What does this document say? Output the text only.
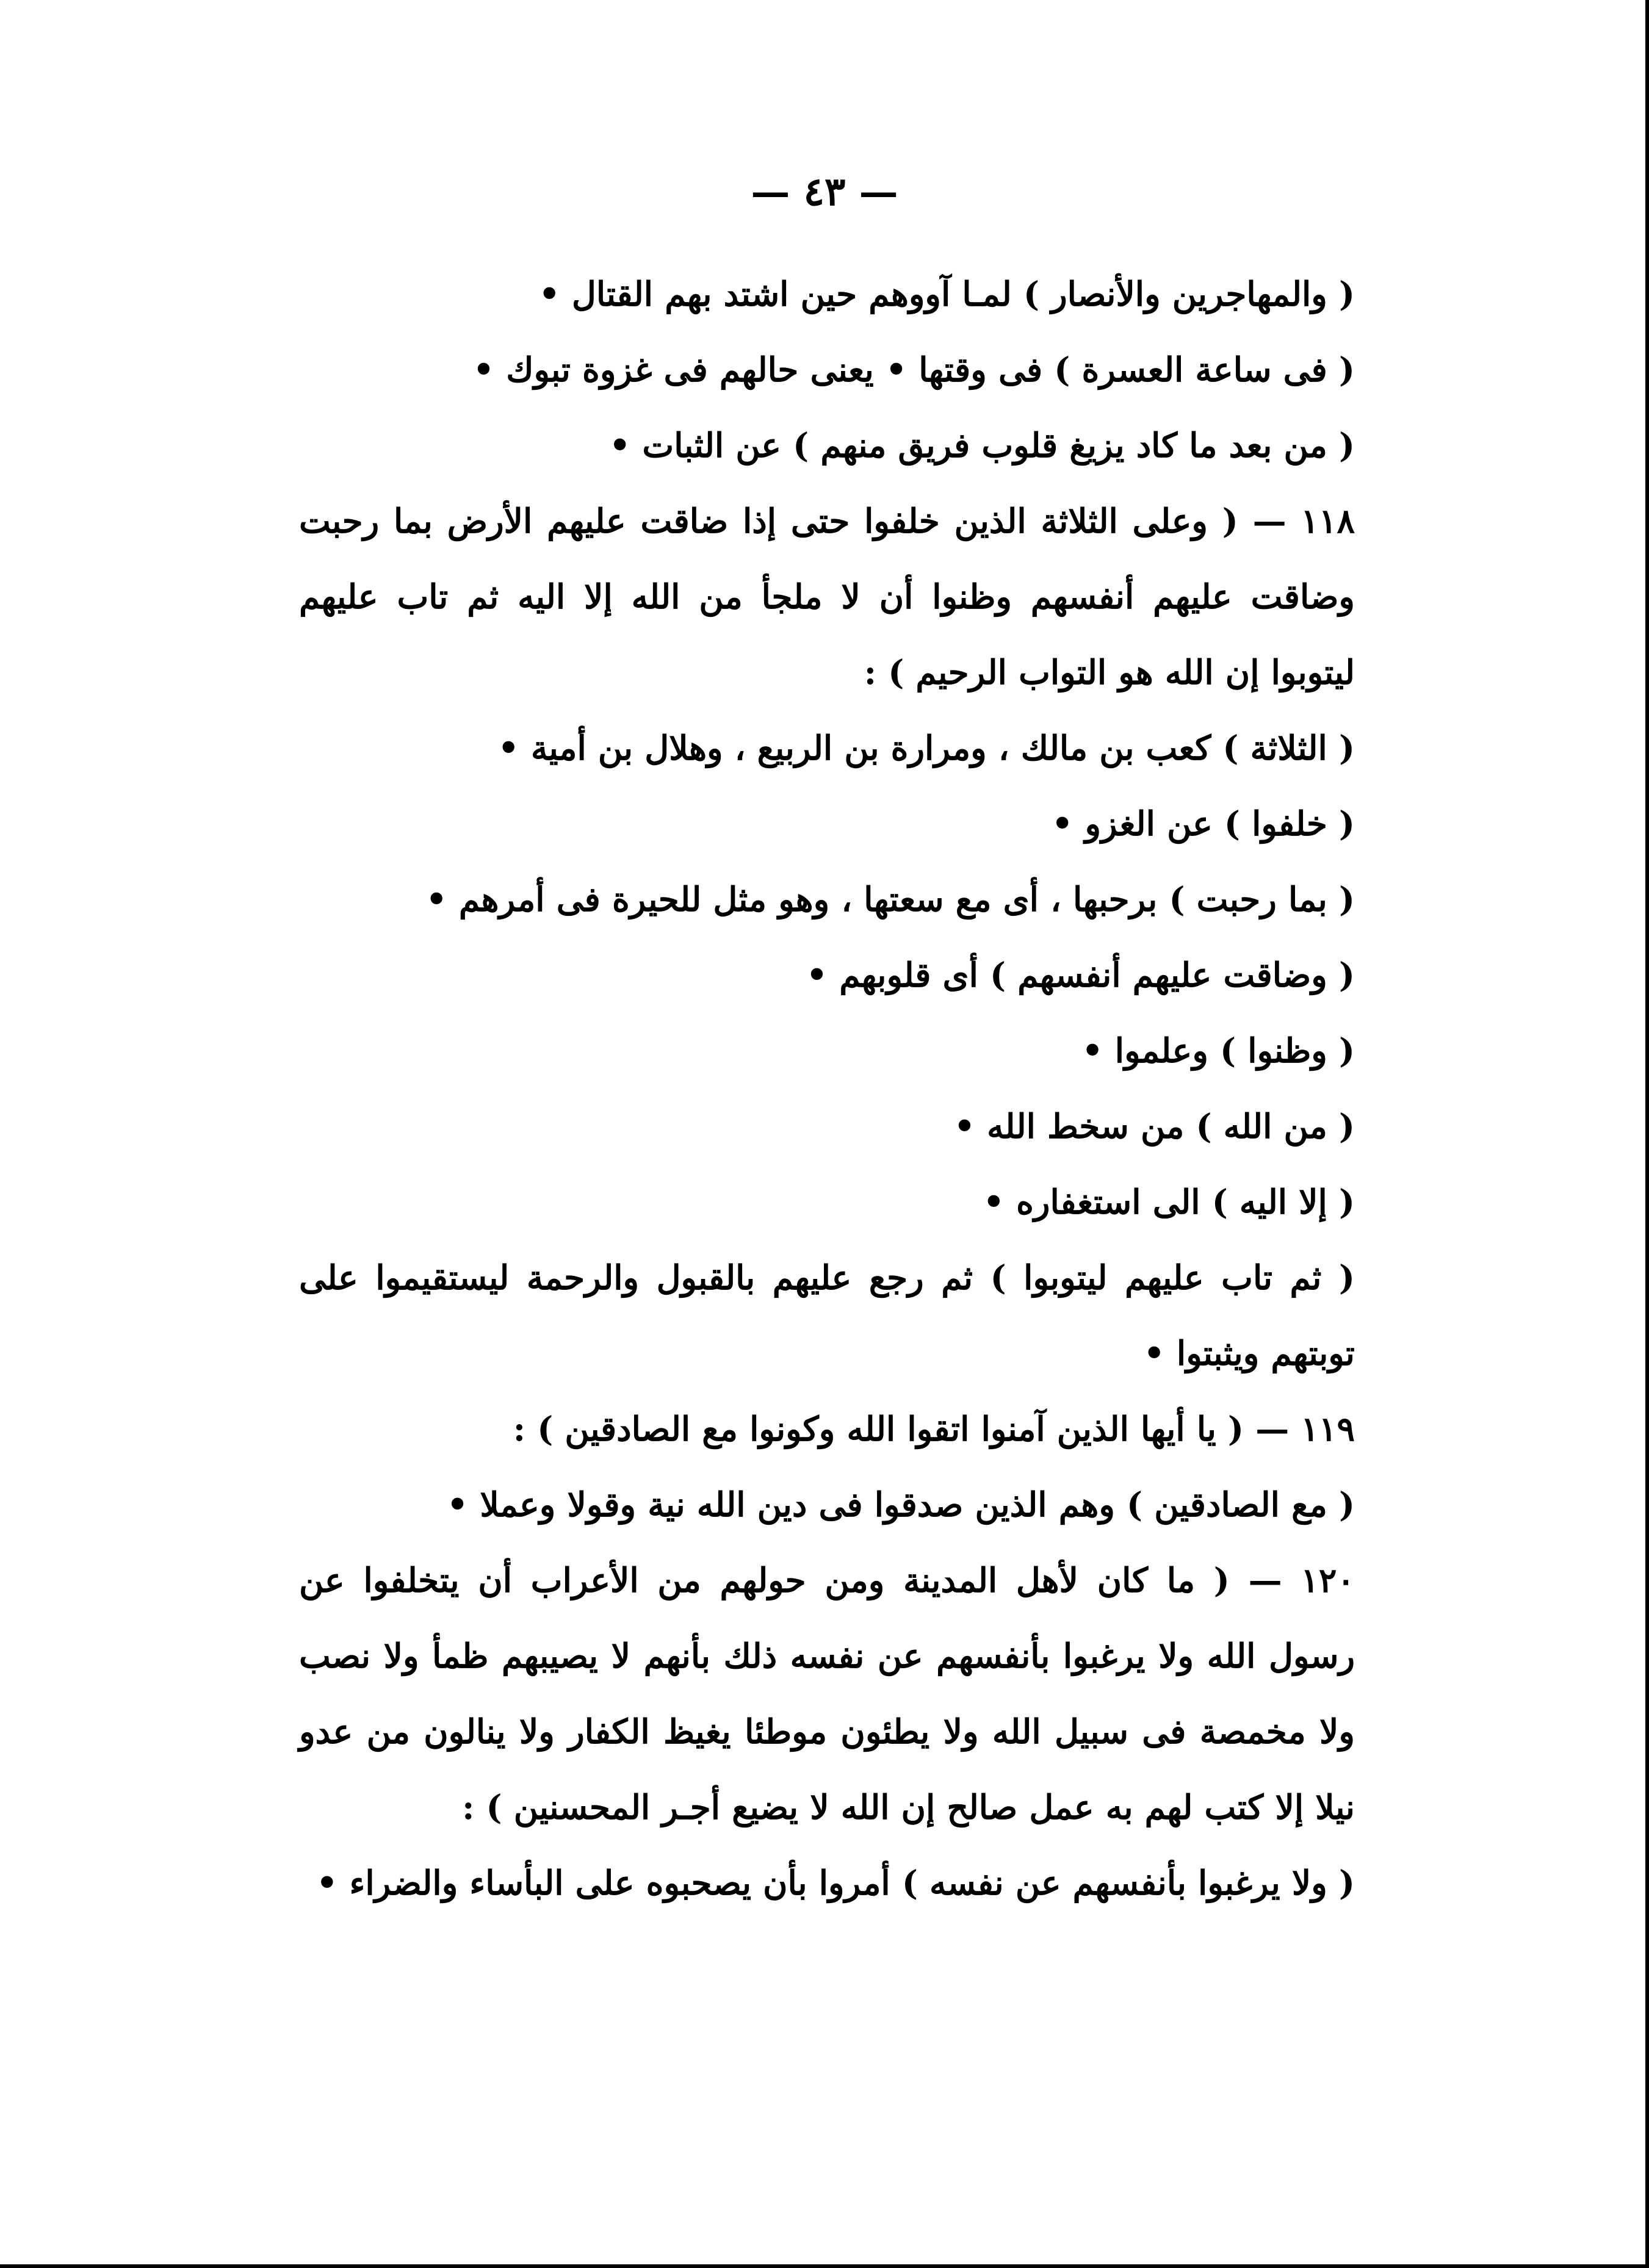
— ٤٣ —

( والمهاجرين والأنصار ) لمـا آووهم حين اشتد بهم القتال •

( فى ساعة العسرة ) فى وقتها • يعنى حالهم فى غزوة تبوك •

( من بعد ما كاد يزيغ قلوب فريق منهم ) عن الثبات •

١١٨ — ( وعلى الثلاثة الذين خلفوا حتى إذا ضاقت عليهم الأرض بما رحبت وضاقت عليهم أنفسهم وظنوا أن لا ملجأ من الله إلا اليه ثم تاب عليهم ليتوبوا إن الله هو التواب الرحيم ) :

( الثلاثة ) كعب بن مالك ، ومرارة بن الربيع ، وهلال بن أمية •

( خلفوا ) عن الغزو •

( بما رحبت ) برحبها ، أى مع سعتها ، وهو مثل للحيرة فى أمرهم •

( وضاقت عليهم أنفسهم ) أى قلوبهم •

( وظنوا ) وعلموا •

( من الله ) من سخط الله •

( إلا اليه ) الى استغفاره •

( ثم تاب عليهم ليتوبوا ) ثم رجع عليهم بالقبول والرحمة ليستقيموا على توبتهم ويثبتوا •

١١٩ — ( يا أيها الذين آمنوا اتقوا الله وكونوا مع الصادقين ) :

( مع الصادقين ) وهم الذين صدقوا فى دين الله نية وقولا وعملا •

١٢٠ — ( ما كان لأهل المدينة ومن حولهم من الأعراب أن يتخلفوا عن رسول الله ولا يرغبوا بأنفسهم عن نفسه ذلك بأنهم لا يصيبهم ظمأ ولا نصب ولا مخمصة فى سبيل الله ولا يطئون موطئا يغيظ الكفار ولا ينالون من عدو نيلا إلا كتب لهم به عمل صالح إن الله لا يضيع أجـر المحسنين ) :

( ولا يرغبوا بأنفسهم عن نفسه ) أمروا بأن يصحبوه على البأساء والضراء •
